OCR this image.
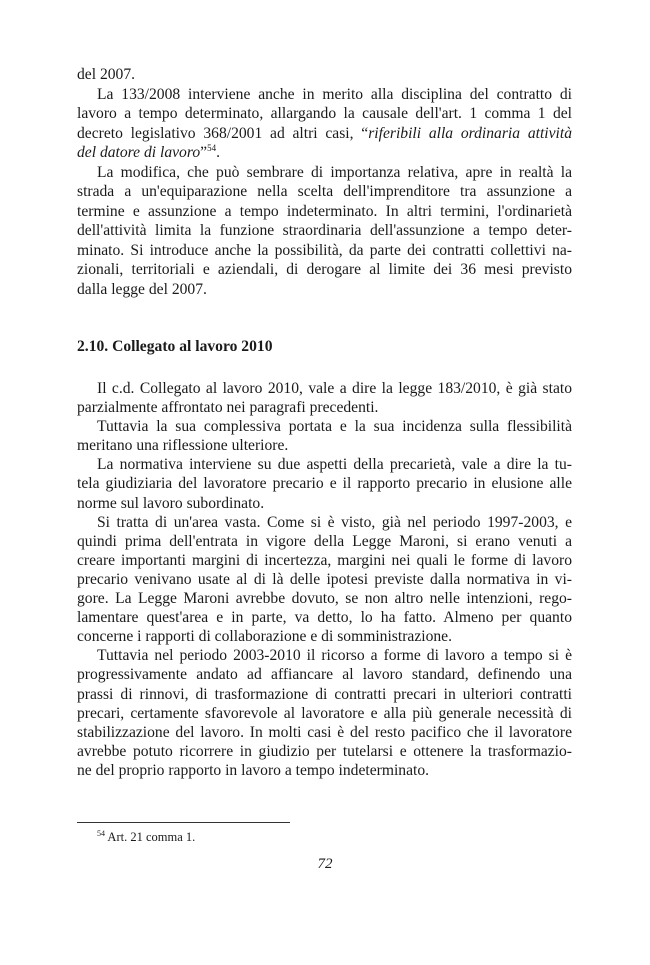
del 2007.
La 133/2008 interviene anche in merito alla disciplina del contratto di
lavoro a tempo determinato, allargando la causale dell'art. 1 comma 1 del
decreto legislativo 368/2001 ad altri casi, “riferibili alla ordinaria attività
del datore di lavoro”$^{54}$.
La modifica, che può sembrare di importanza relativa, apre in realtà la
strada a un'equiparazione nella scelta dell'imprenditore tra assunzione a
termine e assunzione a tempo indeterminato. In altri termini, l'ordinarietà
dell'attività limita la funzione straordinaria dell'assunzione a tempo deter-
minato. Si introduce anche la possibilità, da parte dei contratti collettivi na-
zionali, territoriali e aziendali, di derogare al limite dei 36 mesi previsto
dalla legge del 2007.
2.10. Collegato al lavoro 2010
Il c.d. Collegato al lavoro 2010, vale a dire la legge 183/2010, è già stato
parzialmente affrontato nei paragrafi precedenti.
Tuttavia la sua complessiva portata e la sua incidenza sulla flessibilità
meritano una riflessione ulteriore.
La normativa interviene su due aspetti della precarietà, vale a dire la tu-
tela giudiziaria del lavoratore precario e il rapporto precario in elusione alle
norme sul lavoro subordinato.
Si tratta di un'area vasta. Come si è visto, già nel periodo 1997-2003, e
quindi prima dell'entrata in vigore della Legge Maroni, si erano venuti a
creare importanti margini di incertezza, margini nei quali le forme di lavoro
precario venivano usate al di là delle ipotesi previste dalla normativa in vi-
gore. La Legge Maroni avrebbe dovuto, se non altro nelle intenzioni, rego-
lamentare quest'area e in parte, va detto, lo ha fatto. Almeno per quanto
concerne i rapporti di collaborazione e di somministrazione.
Tuttavia nel periodo 2003-2010 il ricorso a forme di lavoro a tempo si è
progressivamente andato ad affiancare al lavoro standard, definendo una
prassi di rinnovi, di trasformazione di contratti precari in ulteriori contratti
precari, certamente sfavorevole al lavoratore e alla più generale necessità di
stabilizzazione del lavoro. In molti casi è del resto pacifico che il lavoratore
avrebbe potuto ricorrere in giudizio per tutelarsi e ottenere la trasformazio-
ne del proprio rapporto in lavoro a tempo indeterminato.
$^{54}$ Art. 21 comma 1.
72
